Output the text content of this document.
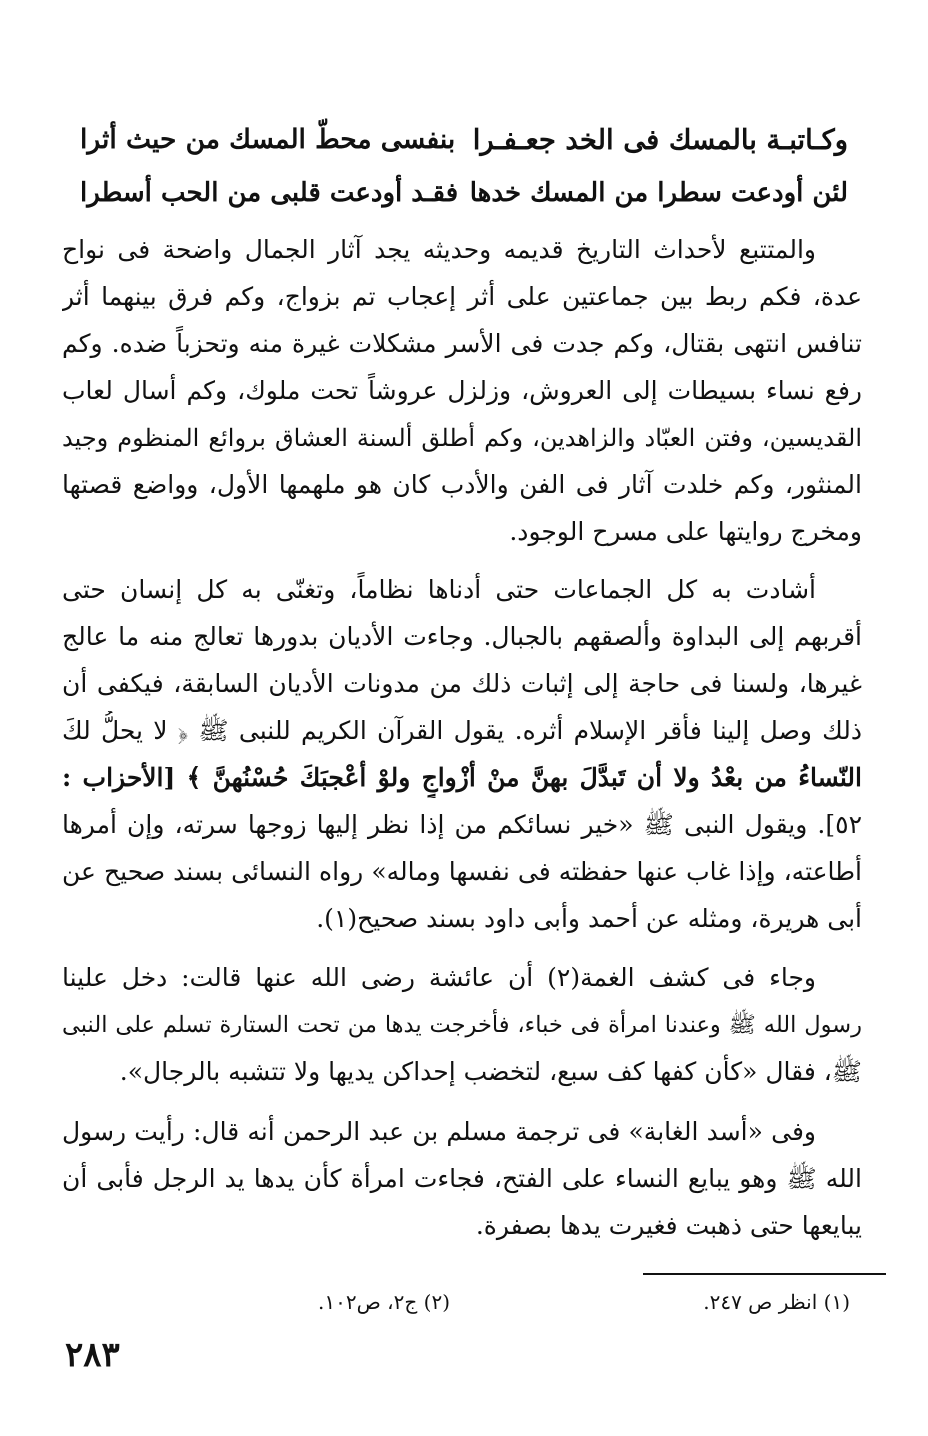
وكـاتبـة بالمسك فى الخد جعـفـرا
بنفسى محطّ المسك من حيث أثرا
لئن أودعت سطرا من المسك خدها
فقـد أودعت قلبى من الحب أسطرا
والمتتبع لأحداث التاريخ قديمه وحديثه يجد آثار الجمال واضحة فى نواح
عدة، فكم ربط بين جماعتين على أثر إعجاب تم بزواج، وكم فرق بينهما أثر
تنافس انتهى بقتال، وكم جدت فى الأسر مشكلات غيرة منه وتحزباً ضده. وكم
رفع نساء بسيطات إلى العروش، وزلزل عروشاً تحت ملوك، وكم أسال لعاب
القديسين، وفتن العبّاد والزاهدين، وكم أطلق ألسنة العشاق بروائع المنظوم وجيد
المنثور، وكم خلدت آثار فى الفن والأدب كان هو ملهمها الأول، وواضع قصتها
ومخرج روايتها على مسرح الوجود.
أشادت به كل الجماعات حتى أدناها نظاماً، وتغنّى به كل إنسان حتى
أقربهم إلى البداوة وألصقهم بالجبال. وجاءت الأديان بدورها تعالج منه ما عالج
غيرها، ولسنا فى حاجة إلى إثبات ذلك من مدونات الأديان السابقة، فيكفى أن
ذلك وصل إلينا فأقر الإسلام أثره. يقول القرآن الكريم للنبى ﷺ ﴿ لا يحلُّ لكَ
النّساءُ من بعْدُ ولا أن تَبدَّلَ بهنَّ منْ أزْواجٍ ولوْ أعْجبَكَ حُسْنُهنَّ ﴾ [الأحزاب :
٥٢]. ويقول النبى ﷺ «خير نسائكم من إذا نظر إليها زوجها سرته، وإن أمرها
أطاعته، وإذا غاب عنها حفظته فى نفسها وماله» رواه النسائى بسند صحيح عن
أبى هريرة، ومثله عن أحمد وأبى داود بسند صحيح(١).
وجاء فى كشف الغمة(٢) أن عائشة رضى الله عنها قالت: دخل علينا
رسول الله ﷺ وعندنا امرأة فى خباء، فأخرجت يدها من تحت الستارة تسلم على النبى
ﷺ، فقال «كأن كفها كف سبع، لتخضب إحداكن يديها ولا تتشبه بالرجال».
وفى «أسد الغابة» فى ترجمة مسلم بن عبد الرحمن أنه قال: رأيت رسول
الله ﷺ وهو يبايع النساء على الفتح، فجاءت امرأة كأن يدها يد الرجل فأبى أن
يبايعها حتى ذهبت فغيرت يدها بصفرة.
(١) انظر ص ٢٤٧.
(٢) ج٢، ص١٠٢.
٢٨٣
